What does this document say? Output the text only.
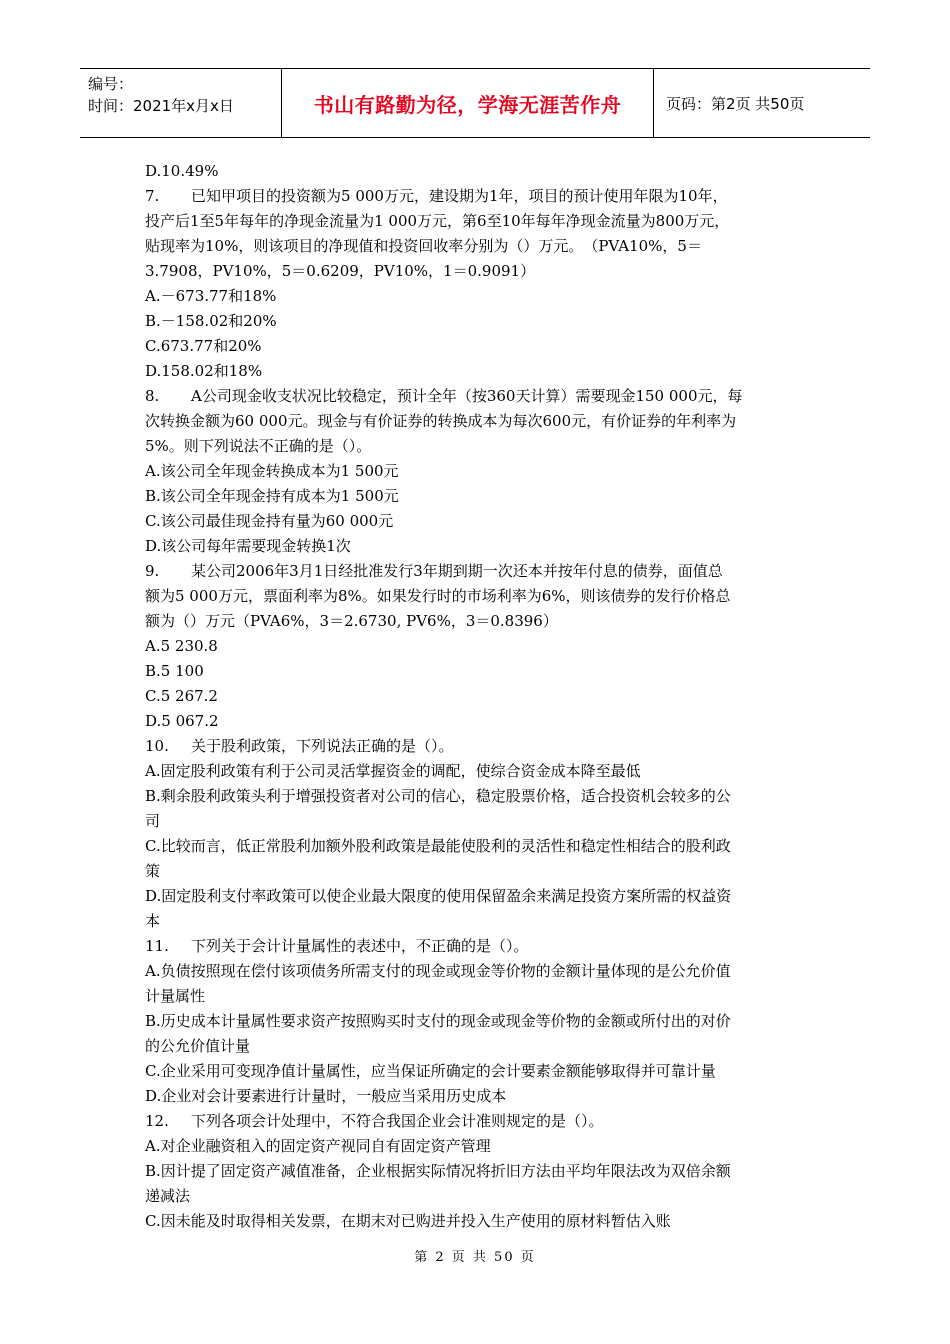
编号：
时间：2021年x月x日	书山有路勤为径，学海无涯苦作舟	页码：第2页 共50页

D.10.49%

7. 已知甲项目的投资额为5 000万元，建设期为1年，项目的预计使用年限为10年，

投产后1至5年每年的净现金流量为1 000万元，第6至10年每年净现金流量为800万元，

贴现率为10%，则该项目的净现值和投资回收率分别为（）万元。　（PVA10%，5＝

3.7908，PV10%，5＝0.6209，PV10%，1＝0.9091）

A.－673.77和18%

B.－158.02和20%

C.673.77和20%

D.158.02和18%

8. A公司现金收支状况比较稳定，预计全年（按360天计算）需要现金150 000元，每

次转换金额为60 000元。现金与有价证券的转换成本为每次600元，有价证券的年利率为

5%。则下列说法不正确的是（）。

A.该公司全年现金转换成本为1 500元

B.该公司全年现金持有成本为1 500元

C.该公司最佳现金持有量为60 000元

D.该公司每年需要现金转换1次

9. 某公司2006年3月1日经批准发行3年期到期一次还本并按年付息的债券，面值总

额为5 000万元，票面利率为8%。如果发行时的市场利率为6%，则该债券的发行价格总

额为（）万元（PVA6%，3＝2.6730, PV6%，3＝0.8396）

A.5 230.8

B.5 100

C.5 267.2

D.5 067.2

10. 关于股利政策，下列说法正确的是（）。

A.固定股利政策有利于公司灵活掌握资金的调配，使综合资金成本降至最低

B.剩余股利政策头利于增强投资者对公司的信心，稳定股票价格，适合投资机会较多的公

司

C.比较而言，低正常股利加额外股利政策是最能使股利的灵活性和稳定性相结合的股利政

策

D.固定股利支付率政策可以使企业最大限度的使用保留盈余来满足投资方案所需的权益资

本

11. 下列关于会计计量属性的表述中，不正确的是（）。

A.负债按照现在偿付该项债务所需支付的现金或现金等价物的金额计量体现的是公允价值

计量属性

B.历史成本计量属性要求资产按照购买时支付的现金或现金等价物的金额或所付出的对价

的公允价值计量

C.企业采用可变现净值计量属性，应当保证所确定的会计要素金额能够取得并可靠计量

D.企业对会计要素进行计量时，一般应当采用历史成本

12. 下列各项会计处理中，不符合我国企业会计准则规定的是（）。

A.对企业融资租入的固定资产视同自有固定资产管理

B.因计提了固定资产减值准备，企业根据实际情况将折旧方法由平均年限法改为双倍余额

递减法

C.因未能及时取得相关发票，在期末对已购进并投入生产使用的原材料暂估入账

第 2 页 共 50 页
